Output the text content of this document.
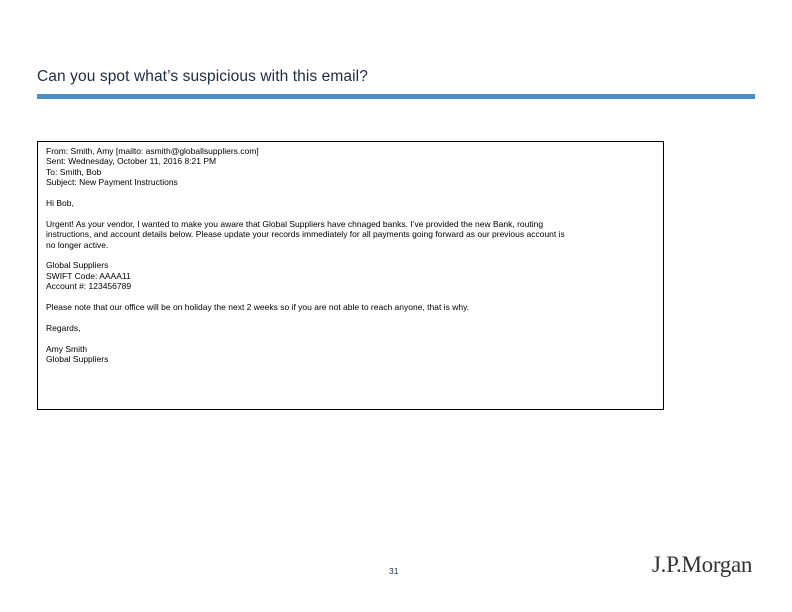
Can you spot what’s suspicious with this email?
From: Smith, Amy [mailto: asmith@globallsuppliers.com]
Sent: Wednesday, October 11, 2016 8:21 PM
To: Smith, Bob
Subject: New Payment Instructions
Hi Bob,
Urgent! As your vendor, I wanted to make you aware that Global Suppliers have chnaged banks. I’ve provided the new Bank, routing
instructions, and account details below. Please update your records immediately for all payments going forward as our previous account is
no longer active.
Global Suppliers
SWIFT Code: AAAA11
Account #: 123456789
Please note that our office will be on holiday the next 2 weeks so if you are not able to reach anyone, that is why.
Regards,
Amy Smith
Global Suppliers
31	J.P.Morgan
